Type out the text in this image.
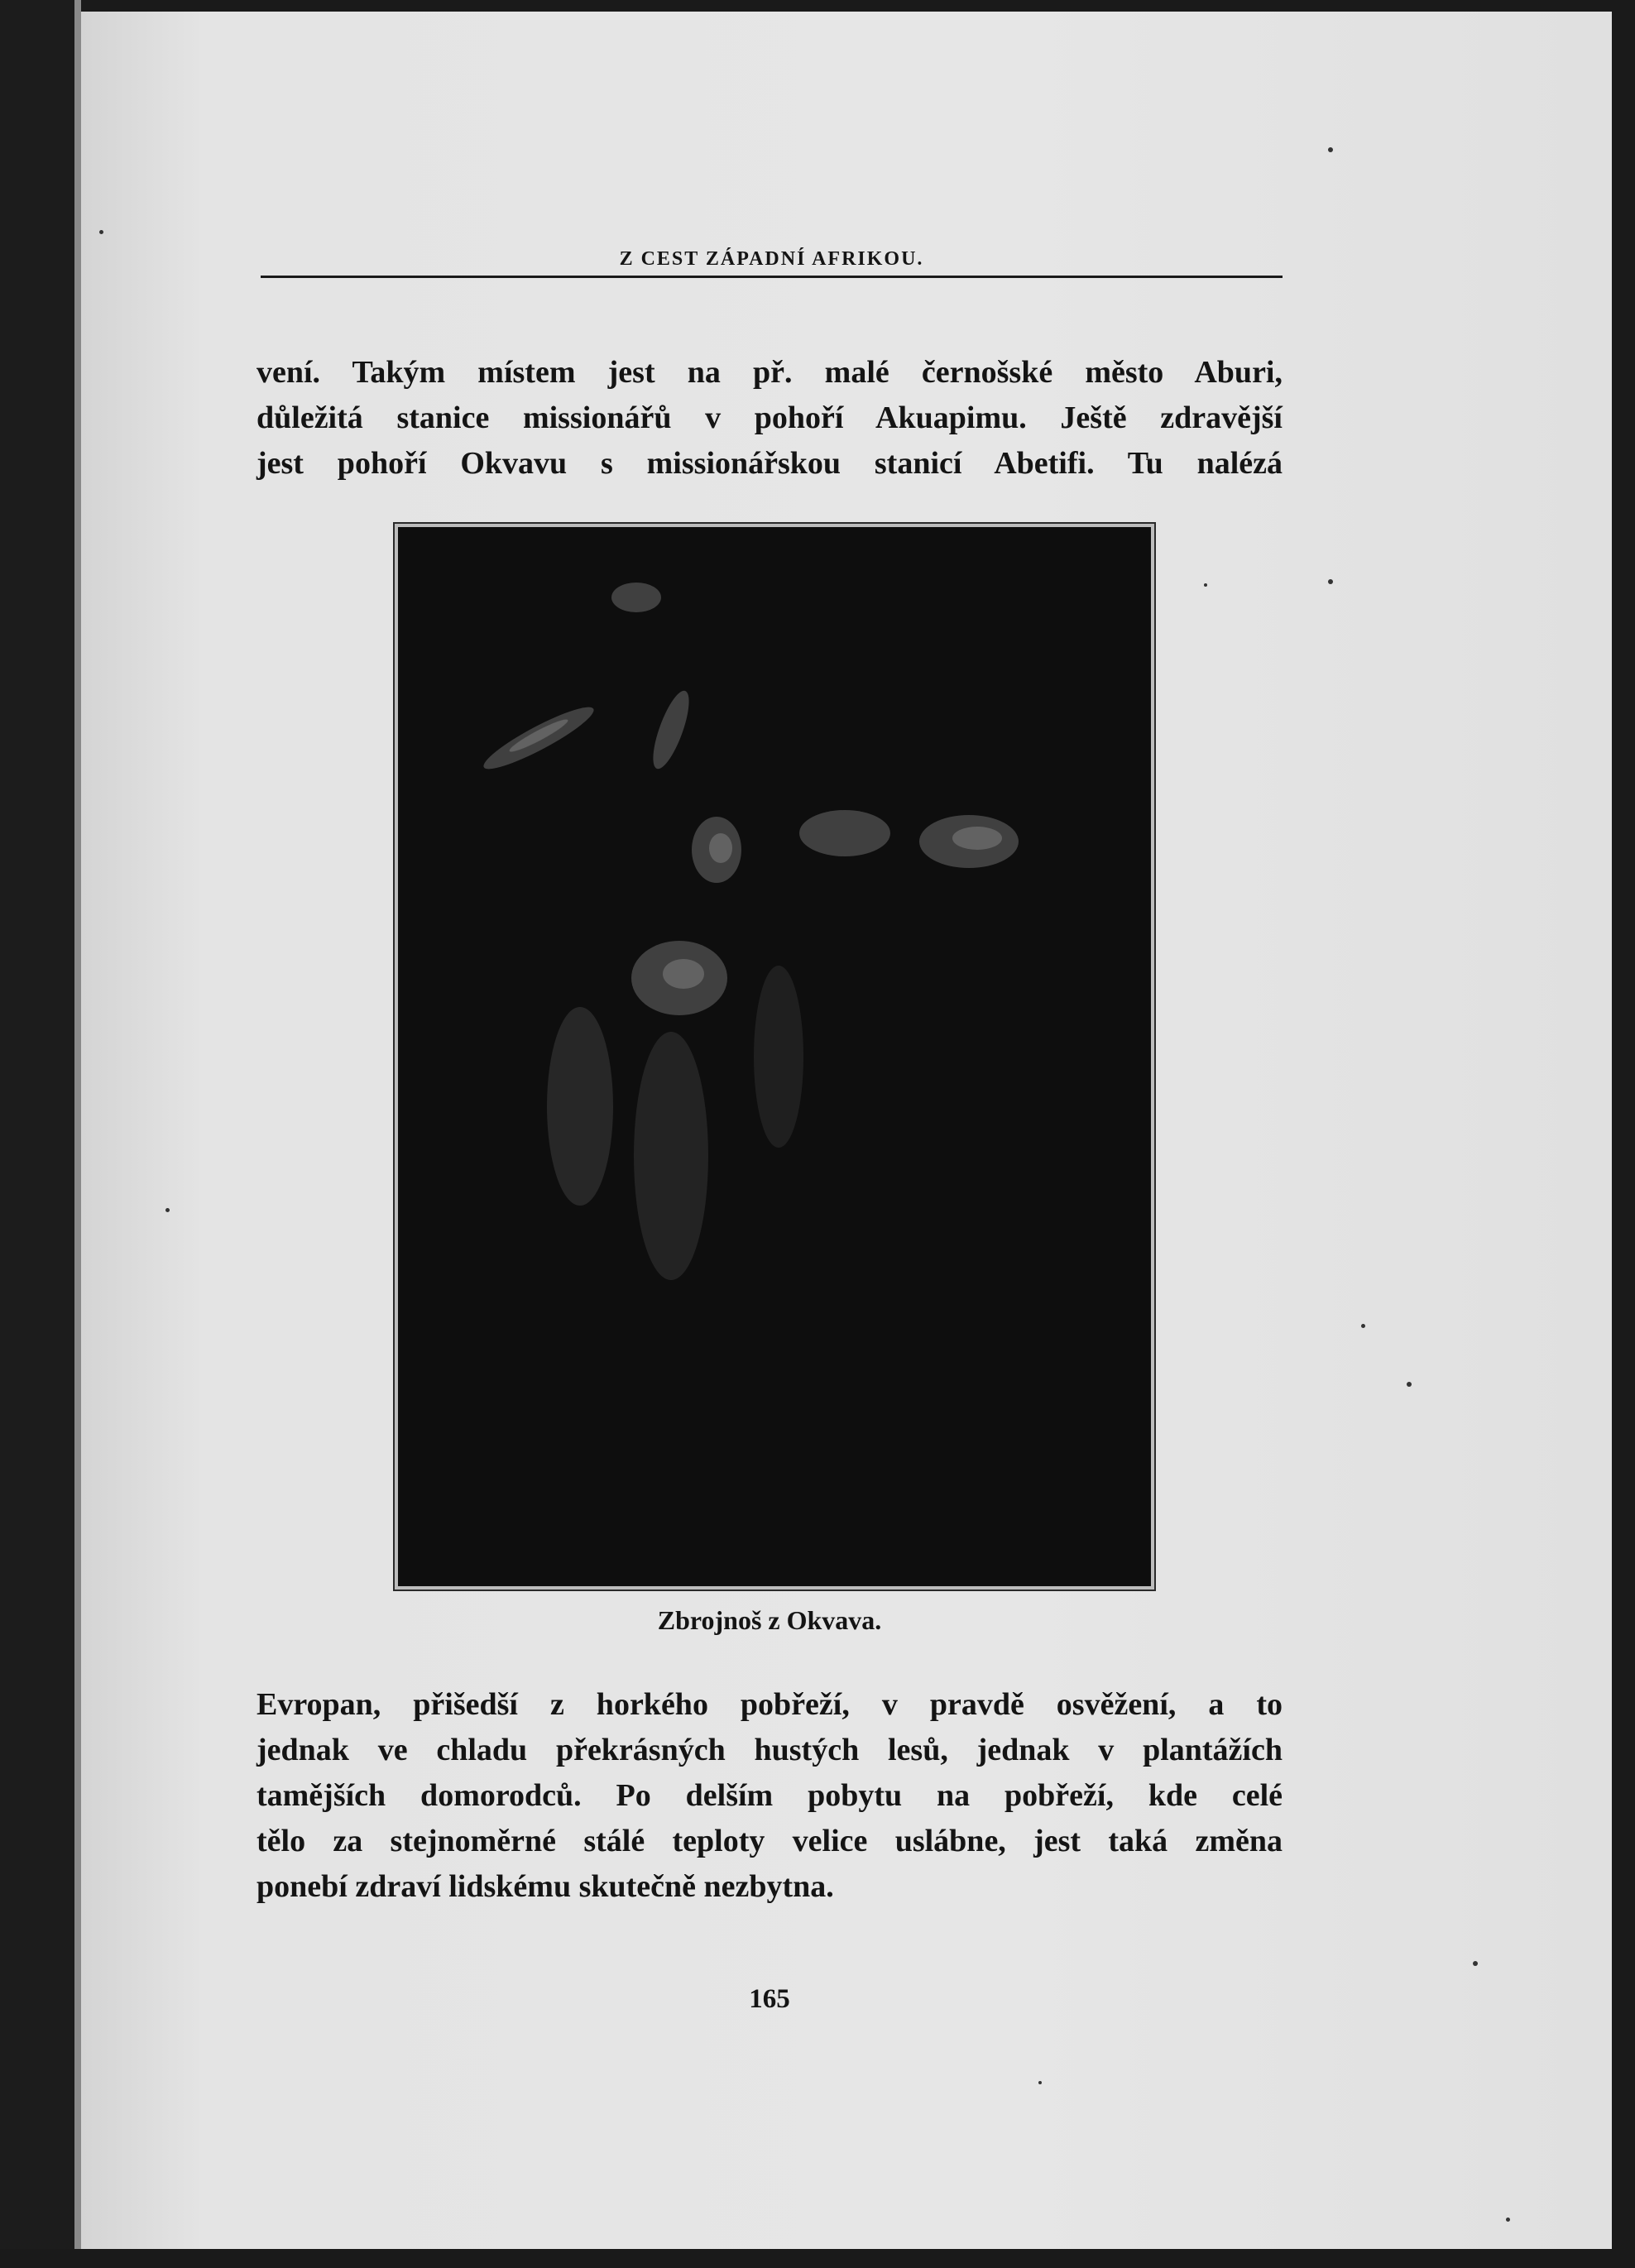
Z CEST ZÁPADNÍ AFRIKOU.

vení. Takým místem jest na př. malé černošské město Aburi,
důležitá stanice missionářů v pohoří Akuapimu. Ještě zdravější
jest pohoří Okvavu s missionářskou stanicí Abetifi. Tu nalézá

Zbrojnoš z Okvava.

Evropan, přišedší z horkého pobřeží, v pravdě osvěžení, a to
jednak ve chladu překrásných hustých lesů, jednak v plantážích
tamějších domorodců. Po delším pobytu na pobřeží, kde celé
tělo za stejnoměrné stálé teploty velice uslábne, jest taká změna
ponebí zdraví lidskému skutečně nezbytna.

165
